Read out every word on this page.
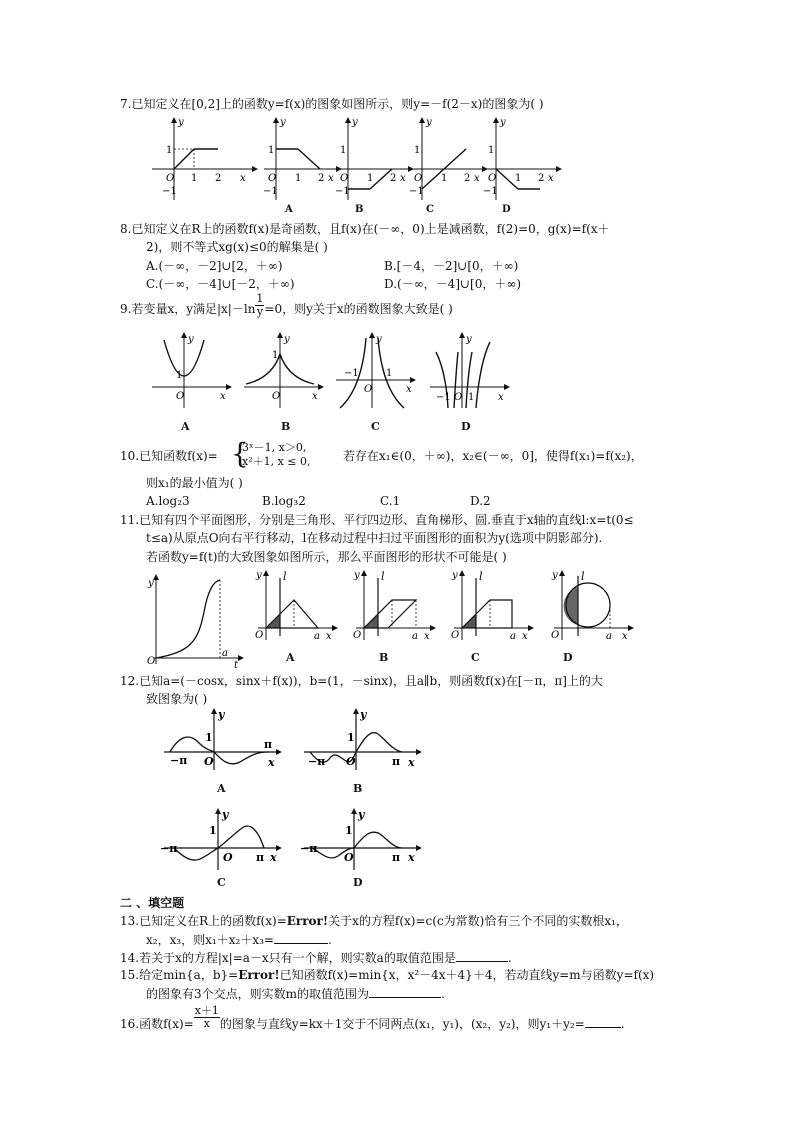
7.已知定义在[0,2]上的函数y=f(x)的图象如图所示，则y=－f(2－x)的图象为( )
y
1
O 1 2
−1
x
y
1
O 1 2
−1
x
A
y
1
O 1 2
−1
x
B
y
1
O 1 2
−1
x
C
y
1
O 1 2
−1
x
D
8.已知定义在R上的函数f(x)是奇函数，且f(x)在(－∞，0)上是减函数，f(2)=0，g(x)=f(x＋
2)，则不等式xg(x)≤0的解集是( )
A.(－∞，－2]∪[2，＋∞)	B.[－4，－2]∪[0，＋∞)
C.(－∞，－4]∪[－2，＋∞)	D.(－∞，－4]∪[0，＋∞)
9.若变量x，y满足$|x|-\ln \frac{1}{y} =0$，则y关于x的函数图象大致是( )
y
1
O	x
A
y
1
O	x
B
y
−1	1
O	x
C
y
−1 O 1 x
D
10.已知函数f(x)= {
3ˣ－1, x＞0,
x²＋1, x ≤ 0,	若存在x₁∈(0，＋∞)，x₂∈(－∞，0]，使得f(x₁)=f(x₂)，
则x₁的最小值为( )
A.log₂3	B.log₃2	C.1	D.2
11.已知有四个平面图形，分别是三角形、平行四边形、直角梯形、圆.垂直于x轴的直线l:x=t(0≤
t≤a)从原点O向右平行移动，l在移动过程中扫过平面图形的面积为y(选项中阴影部分).
若函数y=f(t)的大致图象如图所示，那么平面图形的形状不可能是( )
y
O
a
t
y l
O	a x
A
y l
O	a x
B
y l
O	a x
C
y l
O	a x
D
12.已知a=(－cosx，sinx＋f(x))，b=(1，－sinx)，且a∥b，则函数f(x)在[－π，π]上的大
致图象为( )
y
1
−π O
π
x
A
y
1
−π O	π x
B
y
1
−π
O π x
C
y
1
−π
O	π x
D
二 、填空题
13.已知定义在R上的函数f(x)=Error!关于x的方程f(x)=c(c为常数)恰有三个不同的实数根x₁，
x₂，x₃，则x₁＋x₂＋x₃=	.
14.若关于x的方程|x|=a－x只有一个解，则实数a的取值范围是	.
15.给定min{a，b}=Error!已知函数f(x)=min{x，x²－4x＋4}＋4，若动直线y=m与函数y=f(x)
的图象有3个交点，则实数m的取值范围为	.
16.函数$f(x)= \frac{x+1}{x}$ 的图象与直线y=kx＋1交于不同两点(x₁，y₁)，(x₂，y₂)，则y₁＋y₂=	.
